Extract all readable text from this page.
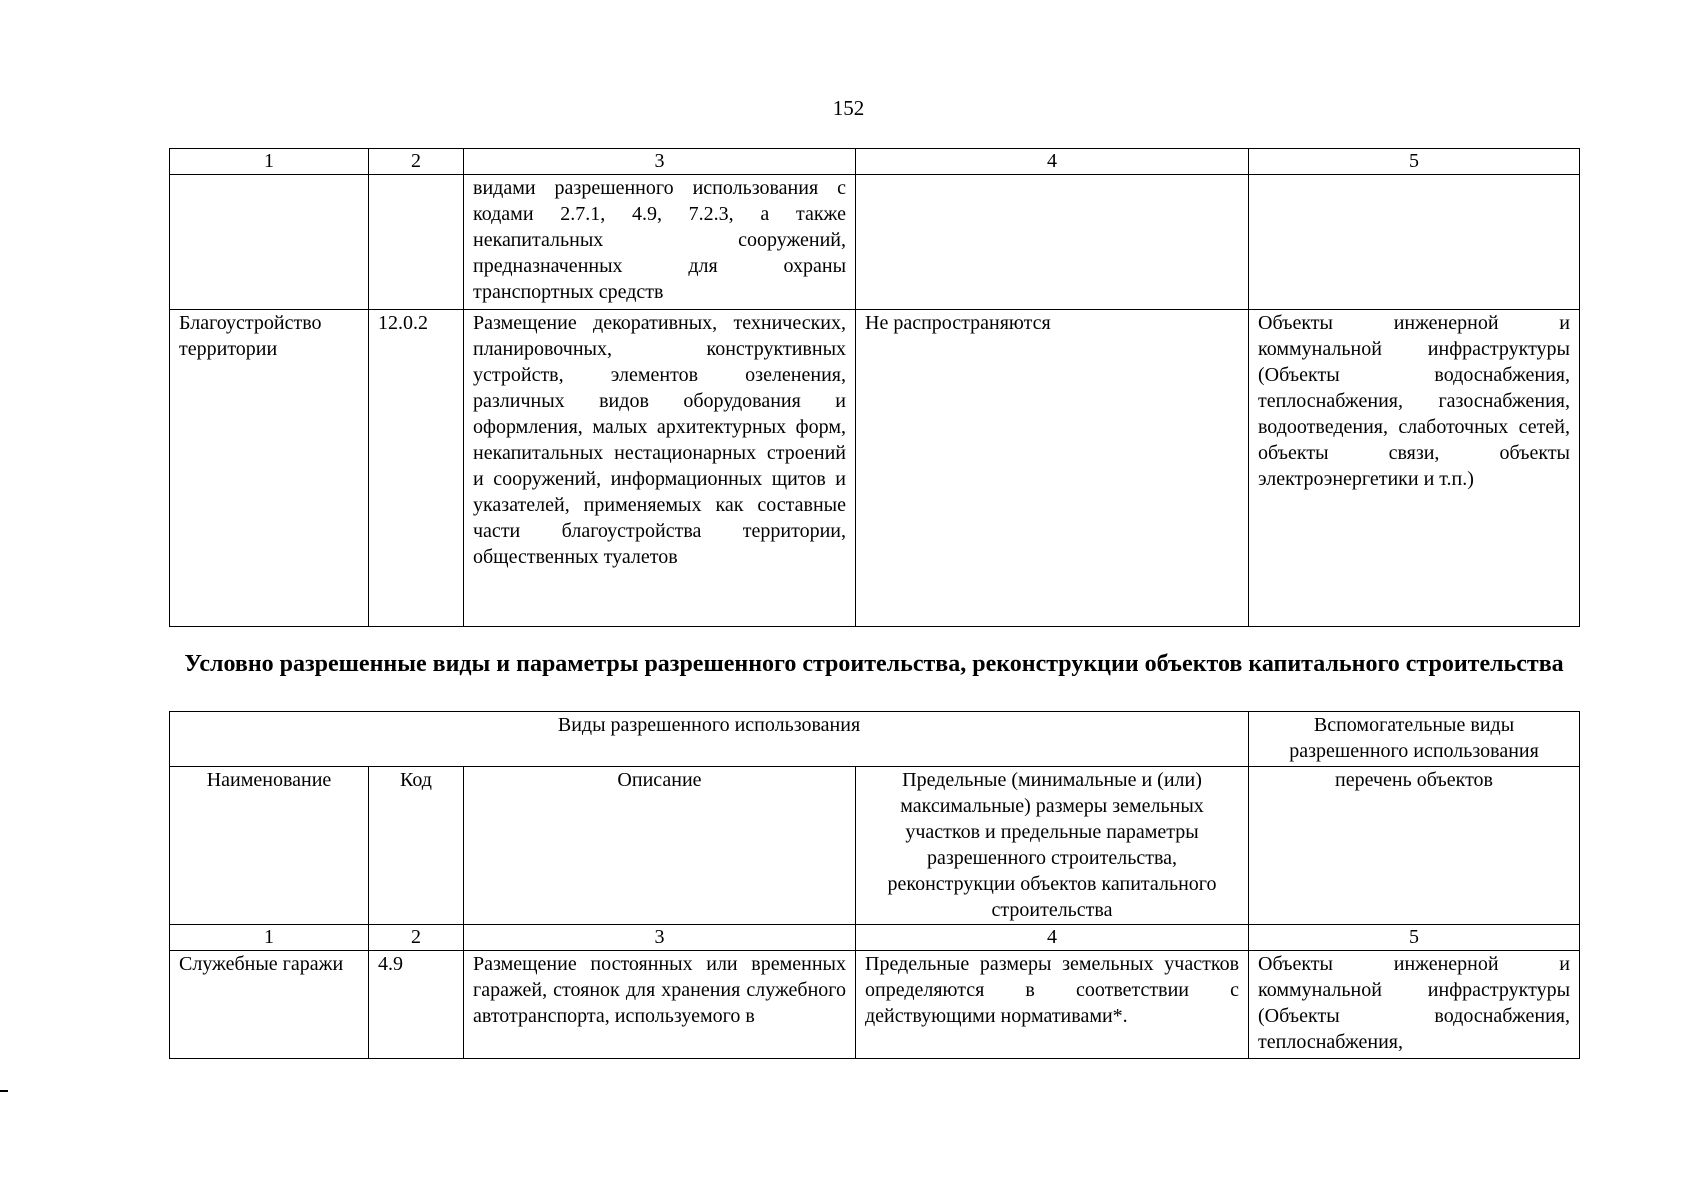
152
1	2	3	4	5
		видами разрешенного использования с кодами 2.7.1, 4.9, 7.2.3, а также некапитальных сооружений, предназначенных для охраны транспортных средств		
Благоустройство территории	12.0.2	Размещение декоративных, технических, планировочных, конструктивных устройств, элементов озеленения, различных видов оборудования и оформления, малых архитектурных форм, некапитальных нестационарных строений и сооружений, информационных щитов и указателей, применяемых как составные части благоустройства территории, общественных туалетов	Не распространяются	Объекты инженерной и коммунальной инфраструктуры (Объекты водоснабжения, теплоснабжения, газоснабжения, водоотведения, слаботочных сетей, объекты связи, объекты электроэнергетики и т.п.)
Условно разрешенные виды и параметры разрешенного строительства, реконструкции объектов капитального строительства
Виды разрешенного использования				Вспомогательные виды разрешенного использования
Наименование	Код	Описание	Предельные (минимальные и (или) максимальные) размеры земельных участков и предельные параметры разрешенного строительства, реконструкции объектов капитального строительства	перечень объектов
1	2	3	4	5
Служебные гаражи	4.9	Размещение постоянных или временных гаражей, стоянок для хранения служебного автотранспорта, используемого в	Предельные размеры земельных участков определяются в соответствии с действующими нормативами*.	Объекты инженерной и коммунальной инфраструктуры (Объекты водоснабжения, теплоснабжения,
